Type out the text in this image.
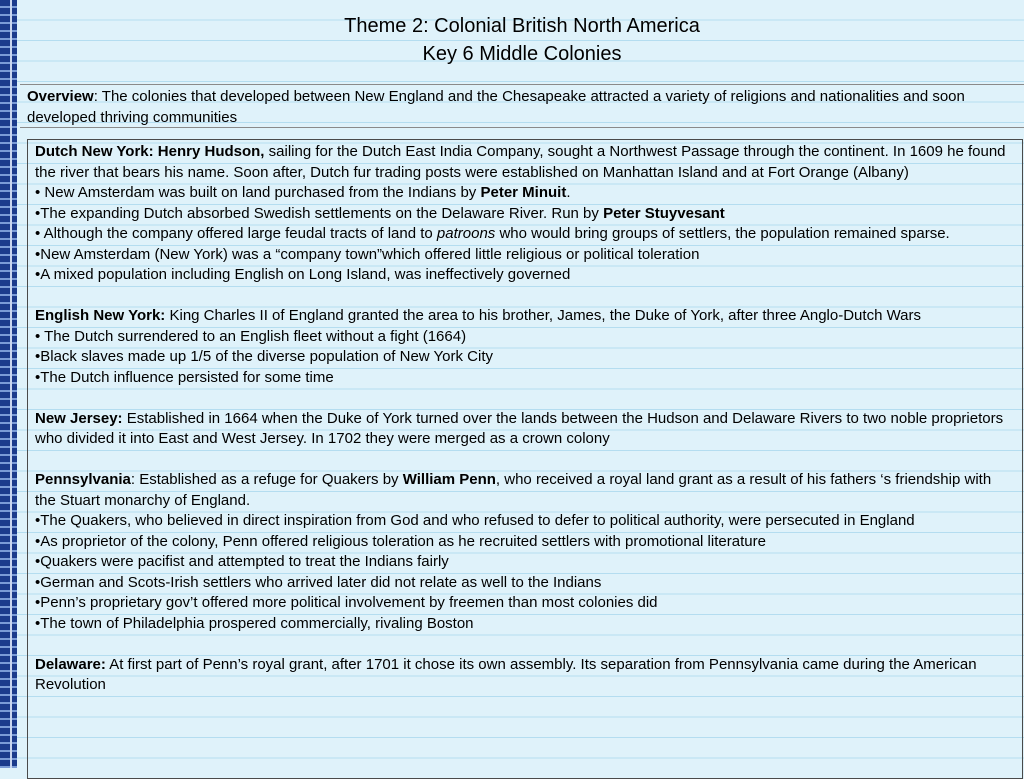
Theme 2: Colonial British North America
Key 6 Middle Colonies
Overview: The colonies that developed between New England and the Chesapeake attracted a variety of religions and nationalities and soon developed thriving communities

Dutch New York: Henry Hudson, sailing for the Dutch East India Company, sought a Northwest Passage through the continent. In 1609 he found the river that bears his name. Soon after, Dutch fur trading posts were established on Manhattan Island and at Fort Orange (Albany)

• New Amsterdam was built on land purchased from the Indians by Peter Minuit.

•The expanding Dutch absorbed Swedish settlements on the Delaware River. Run by Peter Stuyvesant

• Although the company offered large feudal tracts of land to patroons who would bring groups of settlers, the population remained sparse.

•New Amsterdam (New York) was a “company town”which offered little religious or political toleration

•A mixed population including English on Long Island, was ineffectively governed

English New York: King Charles II of England granted the area to his brother, James, the Duke of York, after three Anglo-Dutch Wars

• The Dutch surrendered to an English fleet without a fight (1664)

•Black slaves made up 1/5 of the diverse population of New York City

•The Dutch influence persisted for some time

New Jersey: Established in 1664 when the Duke of York turned over the lands between the Hudson and Delaware Rivers to two noble proprietors who divided it into East and West Jersey. In 1702 they were merged as a crown colony

Pennsylvania: Established as a refuge for Quakers by William Penn, who received a royal land grant as a result of his fathers ‘s friendship with the Stuart monarchy of England.

•The Quakers, who believed in direct inspiration from God and who refused to defer to political authority, were persecuted in England

•As proprietor of the colony, Penn offered religious toleration as he recruited settlers with promotional literature

•Quakers were pacifist and attempted to treat the Indians fairly

•German and Scots-Irish settlers who arrived later did not relate as well to the Indians

•Penn’s proprietary gov’t offered more political involvement by freemen than most colonies did

•The town of Philadelphia prospered commercially, rivaling Boston

Delaware: At first part of Penn’s royal grant, after 1701 it chose its own assembly. Its separation from Pennsylvania came during the American Revolution
